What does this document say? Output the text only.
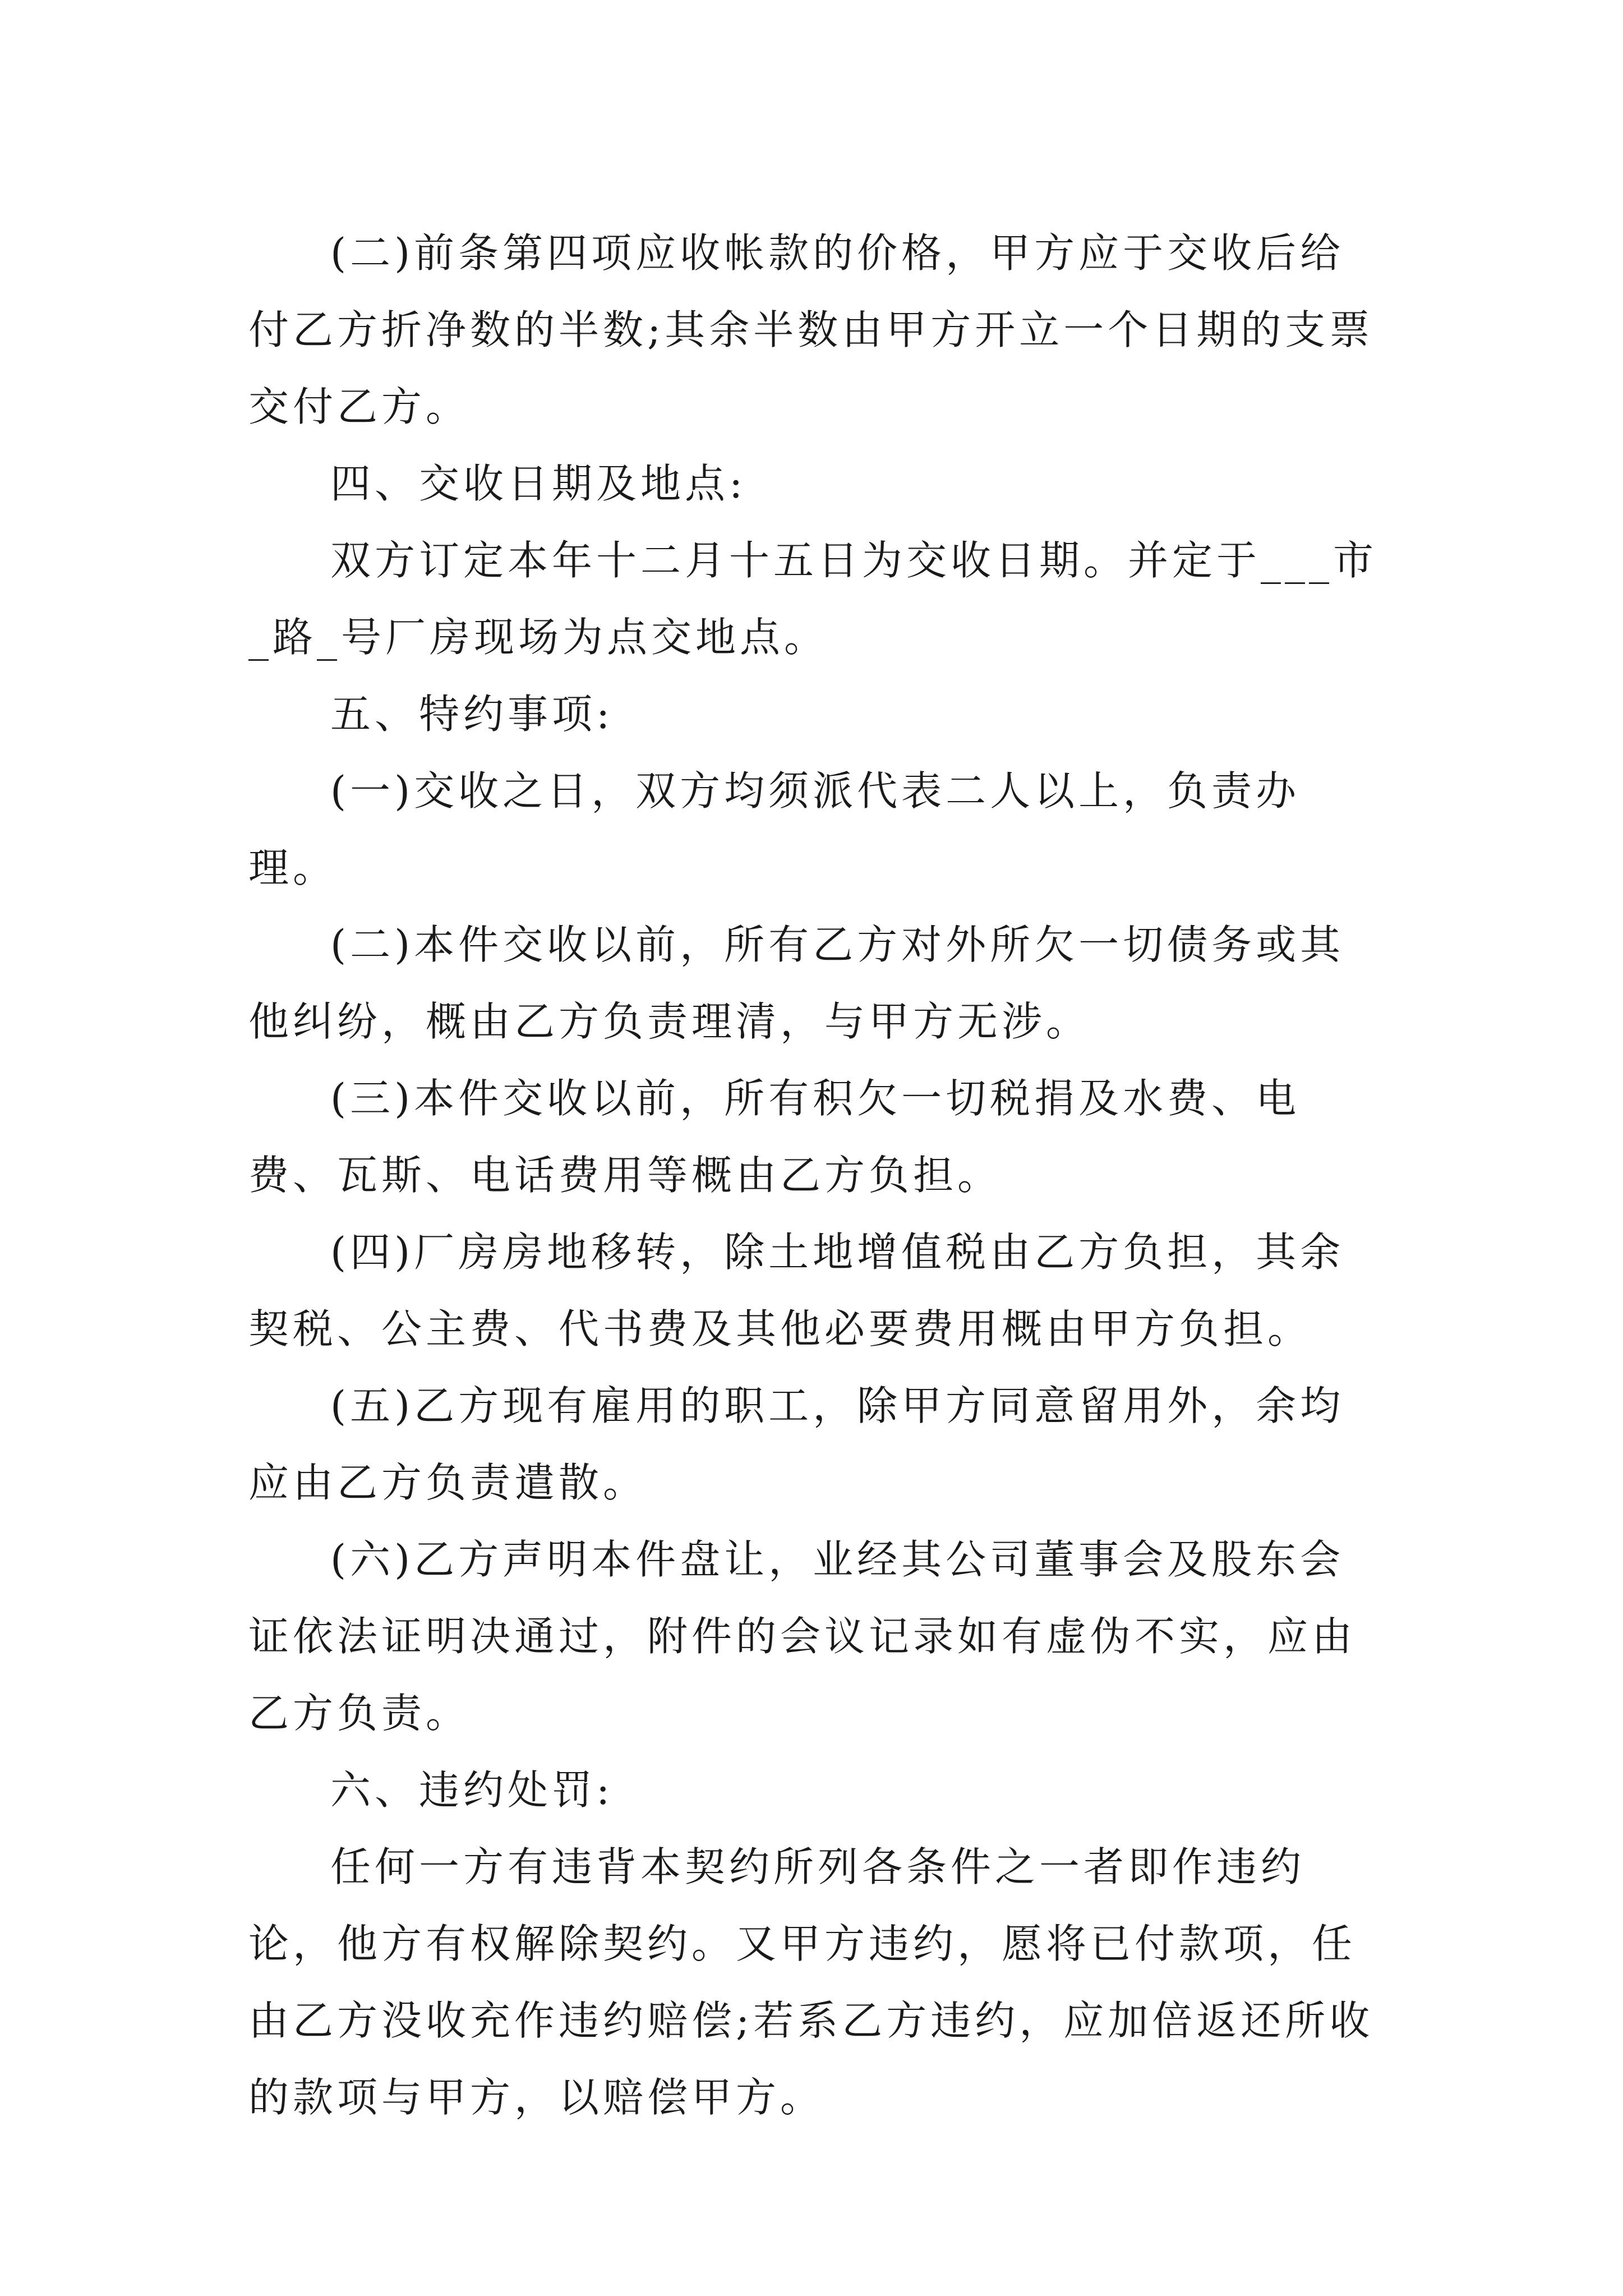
(二)前条第四项应收帐款的价格，甲方应于交收后给付乙方折净数的半数;其余半数由甲方开立一个日期的支票交付乙方。

四、交收日期及地点:

双方订定本年十二月十五日为交收日期。并定于___市_路_号厂房现场为点交地点。

五、特约事项:

(一)交收之日，双方均须派代表二人以上，负责办理。

(二)本件交收以前，所有乙方对外所欠一切债务或其他纠纷，概由乙方负责理清，与甲方无涉。

(三)本件交收以前，所有积欠一切税捐及水费、电费、瓦斯、电话费用等概由乙方负担。

(四)厂房房地移转，除土地增值税由乙方负担，其余契税、公主费、代书费及其他必要费用概由甲方负担。

(五)乙方现有雇用的职工，除甲方同意留用外，余均应由乙方负责遣散。

(六)乙方声明本件盘让，业经其公司董事会及股东会证依法证明决通过，附件的会议记录如有虚伪不实，应由乙方负责。

六、违约处罚:

任何一方有违背本契约所列各条件之一者即作违约论，他方有权解除契约。又甲方违约，愿将已付款项，任由乙方没收充作违约赔偿;若系乙方违约，应加倍返还所收的款项与甲方，以赔偿甲方。
